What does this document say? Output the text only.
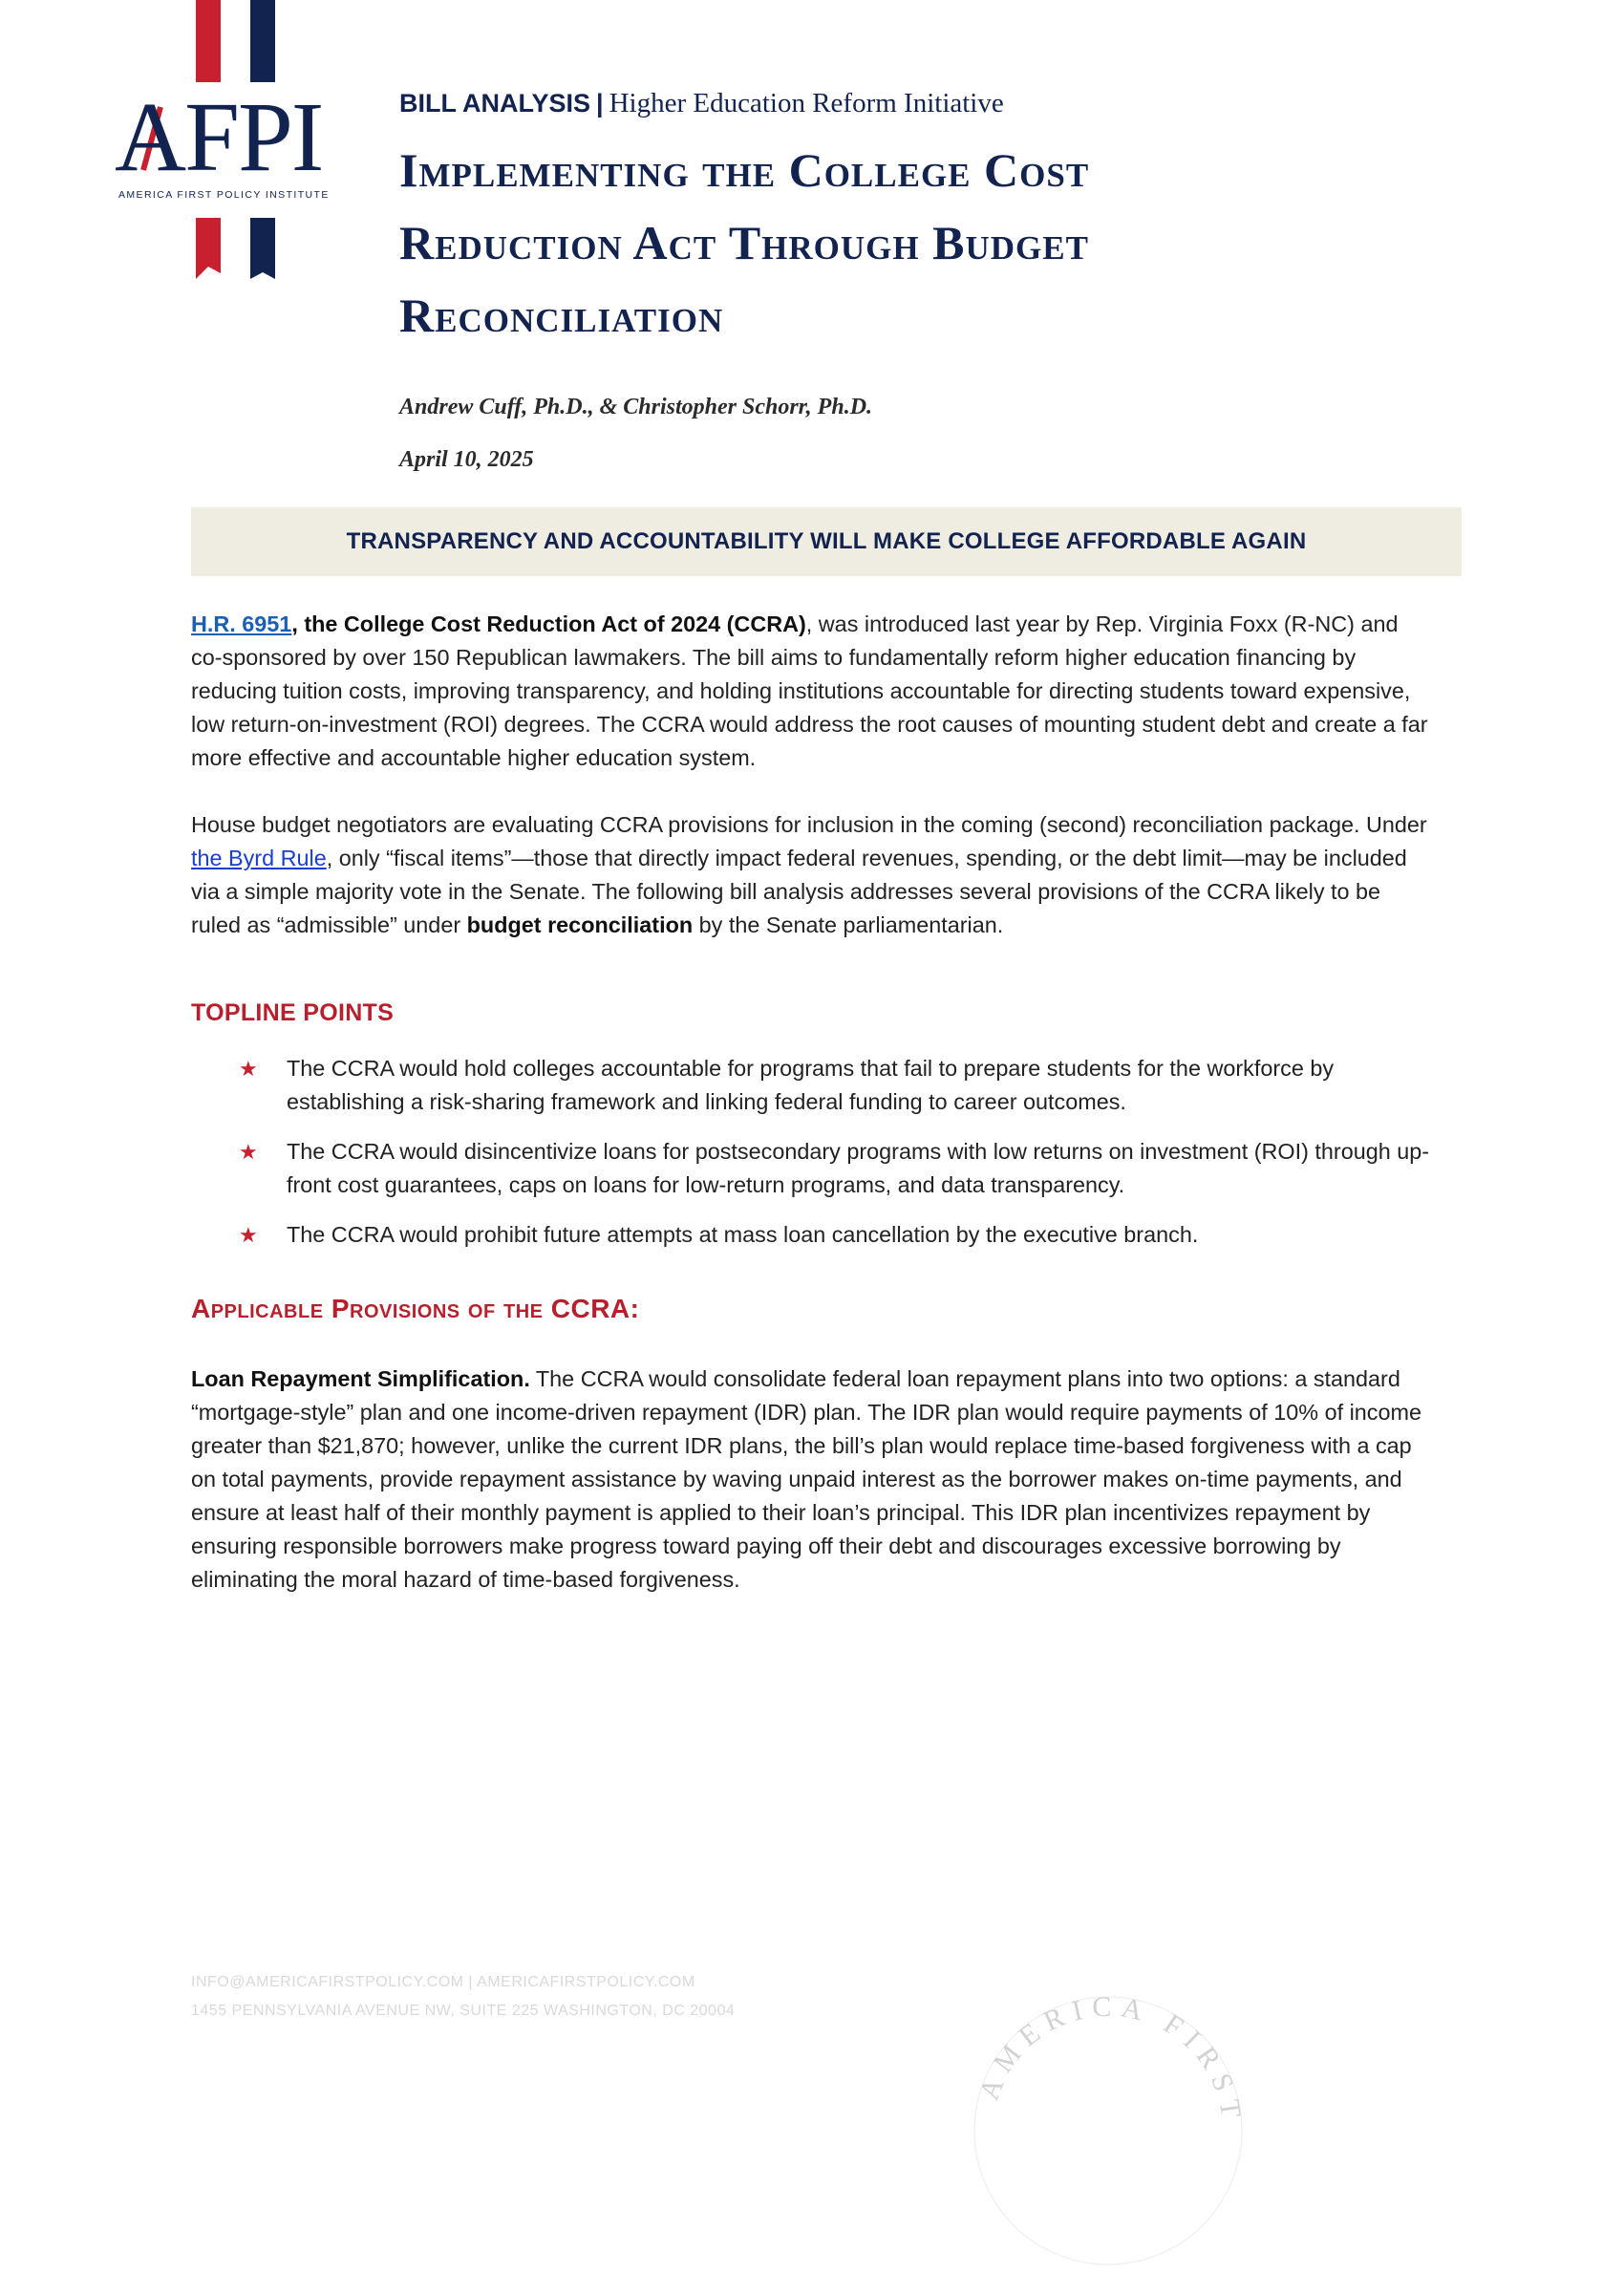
AFPI
AMERICA FIRST POLICY INSTITUTE
BILL ANALYSIS | Higher Education Reform Initiative
Implementing the College Cost Reduction Act Through Budget Reconciliation
Andrew Cuff, Ph.D., & Christopher Schorr, Ph.D.
April 10, 2025
TRANSPARENCY AND ACCOUNTABILITY WILL MAKE COLLEGE AFFORDABLE AGAIN

H.R. 6951, the College Cost Reduction Act of 2024 (CCRA), was introduced last year by Rep. Virginia Foxx (R-NC) and co-sponsored by over 150 Republican lawmakers. The bill aims to fundamentally reform higher education financing by reducing tuition costs, improving transparency, and holding institutions accountable for directing students toward expensive, low return-on-investment (ROI) degrees. The CCRA would address the root causes of mounting student debt and create a far more effective and accountable higher education system.

House budget negotiators are evaluating CCRA provisions for inclusion in the coming (second) reconciliation package. Under the Byrd Rule, only “fiscal items”—those that directly impact federal revenues, spending, or the debt limit—may be included via a simple majority vote in the Senate. The following bill analysis addresses several provisions of the CCRA likely to be ruled as “admissible” under budget reconciliation by the Senate parliamentarian.

TOPLINE POINTS
★	The CCRA would hold colleges accountable for programs that fail to prepare students for the workforce by establishing a risk-sharing framework and linking federal funding to career outcomes.
★	The CCRA would disincentivize loans for postsecondary programs with low returns on investment (ROI) through up-front cost guarantees, caps on loans for low-return programs, and data transparency.
★	The CCRA would prohibit future attempts at mass loan cancellation by the executive branch.
Applicable Provisions of the CCRA:

Loan Repayment Simplification. The CCRA would consolidate federal loan repayment plans into two options: a standard “mortgage-style” plan and one income-driven repayment (IDR) plan. The IDR plan would require payments of 10% of income greater than $21,870; however, unlike the current IDR plans, the bill’s plan would replace time-based forgiveness with a cap on total payments, provide repayment assistance by waving unpaid interest as the borrower makes on-time payments, and ensure at least half of their monthly payment is applied to their loan’s principal. This IDR plan incentivizes repayment by ensuring responsible borrowers make progress toward paying off their debt and discourages excessive borrowing by eliminating the moral hazard of time-based forgiveness.

INFO@AMERICAFIRSTPOLICY.COM | AMERICAFIRSTPOLICY.COM
1455 PENNSYLVANIA AVENUE NW, SUITE 225 WASHINGTON, DC 20004
AMERICA FIRST
